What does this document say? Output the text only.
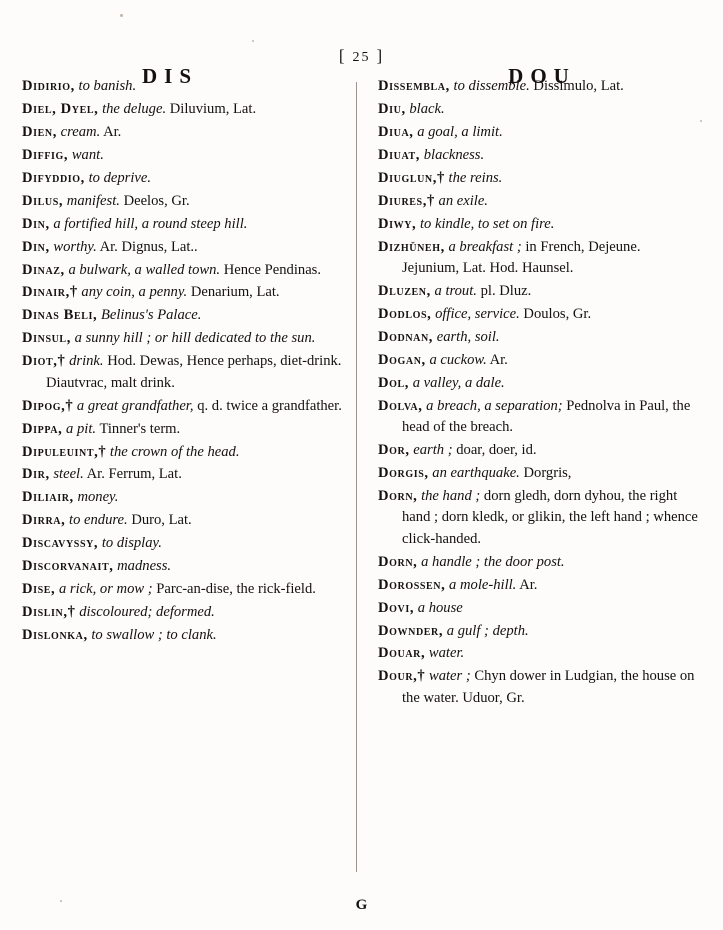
[ 25 ]
DIS	DOU

Didirio, to banish.

Diel, Dyel, the deluge. Diluvium, Lat.

Dien, cream. Ar.

Diffig, want.

Difyddio, to deprive.

Dilus, manifest. Deelos, Gr.

Din, a fortified hill, a round steep hill.

Din, worthy. Ar. Dignus, Lat..

Dinaz, a bulwark, a walled town. Hence Pendinas.

Dinair,† any coin, a penny. Denarium, Lat.

Dinas Beli, Belinus's Palace.

Dinsul, a sunny hill ; or hill dedicated to the sun.

Diot,† drink. Hod. Dewas, Hence perhaps, diet-drink. Diautvrac, malt drink.

Dipog,† a great grandfather, q. d. twice a grandfather.

Dippa, a pit. Tinner's term.

Dipuleuint,† the crown of the head.

Dir, steel. Ar. Ferrum, Lat.

Diliair, money.

Dirra, to endure. Duro, Lat.

Discavyssy, to display.

Discorvanait, madness.

Dise, a rick, or mow ; Parc-an-dise, the rick-field.

Dislin,† discoloured; deformed.

Dislonka, to swallow ; to clank.

Dissembla, to dissemble. Dissimulo, Lat.

Diu, black.

Diua, a goal, a limit.

Diuat, blackness.

Diuglun,† the reins.

Diures,† an exile.

Diwy, to kindle, to set on fire.

Dizhŭneh, a breakfast ; in French, Dejeune. Jejunium, Lat. Hod. Haunsel.

Dluzen, a trout. pl. Dluz.

Dodlos, office, service. Doulos, Gr.

Dodnan, earth, soil.

Dogan, a cuckow. Ar.

Dol, a valley, a dale.

Dolva, a breach, a separation; Pednolva in Paul, the head of the breach.

Dor, earth ; doar, doer, id.

Dorgis, an earthquake. Dorgris,

Dorn, the hand ; dorn gledh, dorn dyhou, the right hand ; dorn kledk, or glikin, the left hand ; whence click-handed.

Dorn, a handle ; the door post.

Dorossen, a mole-hill. Ar.

Dovi, a house

Downder, a gulf ; depth.

Douar, water.

Dour,† water ; Chyn dower in Ludgian, the house on the water. Uduor, Gr.

G
